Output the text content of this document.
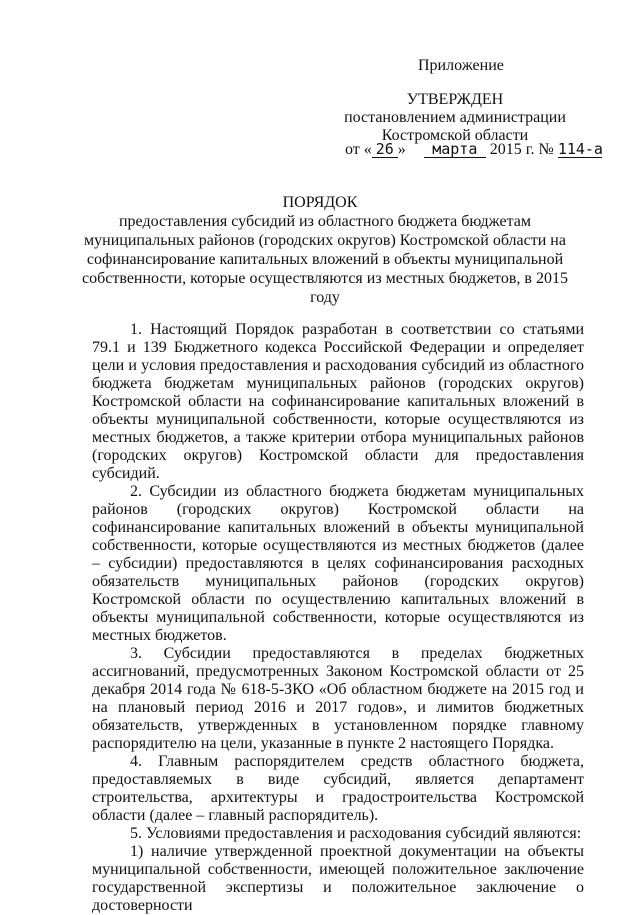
Приложение
УТВЕРЖДЕН
постановлением администрации
Костромской области
от « 26 » марта 2015 г. № 114-а
ПОРЯДОК
предоставления субсидий из областного бюджета бюджетам муниципальных районов (городских округов) Костромской области на софинансирование капитальных вложений в объекты муниципальной собственности, которые осуществляются из местных бюджетов, в 2015 году

1. Настоящий Порядок разработан в соответствии со статьями 79.1 и 139 Бюджетного кодекса Российской Федерации и определяет цели и условия предоставления и расходования субсидий из областного бюджета бюджетам муниципальных районов (городских округов) Костромской области на софинансирование капитальных вложений в объекты муниципальной собственности, которые осуществляются из местных бюджетов, а также критерии отбора муниципальных районов (городских округов) Костромской области для предоставления субсидий.

2. Субсидии из областного бюджета бюджетам муниципальных районов (городских округов) Костромской области на софинансирование капитальных вложений в объекты муниципальной собственности, которые осуществляются из местных бюджетов (далее – субсидии) предоставляются в целях софинансирования расходных обязательств муниципальных районов (городских округов) Костромской области по осуществлению капитальных вложений в объекты муниципальной собственности, которые осуществляются из местных бюджетов.

3. Субсидии предоставляются в пределах бюджетных ассигнований, предусмотренных Законом Костромской области от 25 декабря 2014 года № 618-5-ЗКО «Об областном бюджете на 2015 год и на плановый период 2016 и 2017 годов», и лимитов бюджетных обязательств, утвержденных в установленном порядке главному распорядителю на цели, указанные в пункте 2 настоящего Порядка.

4. Главным распорядителем средств областного бюджета, предоставляемых в виде субсидий, является департамент строительства, архитектуры и градостроительства Костромской области (далее – главный распорядитель).

5. Условиями предоставления и расходования субсидий являются:

1) наличие утвержденной проектной документации на объекты муниципальной собственности, имеющей положительное заключение государственной экспертизы и положительное заключение о достоверности
